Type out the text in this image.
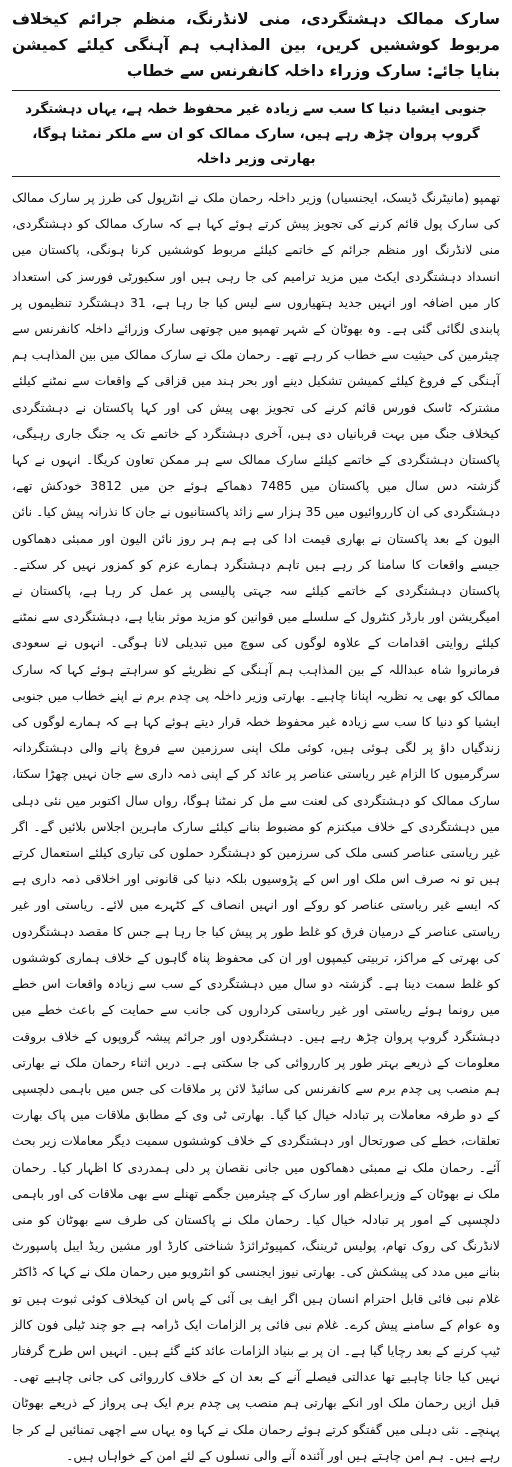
سارک ممالک دہشتگردی، منی لانڈرنگ، منظم جرائم کیخلاف مربوط کوششیں کریں، بین المذاہب ہم آہنگی کیلئے کمیشن بنایا جائے: سارک وزراء داخلہ کانفرنس سے خطاب
جنوبی ایشیا دنیا کا سب سے زیادہ غیر محفوظ خطہ ہے، یہاں دہشتگرد گروپ پروان چڑھ رہے ہیں، سارک ممالک کو ان سے ملکر نمٹنا ہوگا، بھارتی وزیر داخلہ

تھمپو (مانیٹرنگ ڈیسک، ایجنسیاں) وزیر داخلہ رحمان ملک نے انٹرپول کی طرز پر سارک ممالک کی سارک پول قائم کرنے کی تجویز پیش کرتے ہوئے کہا ہے کہ سارک ممالک کو دہشتگردی، منی لانڈرنگ اور منظم جرائم کے خاتمے کیلئے مربوط کوششیں کرنا ہونگی، پاکستان میں انسداد دہشتگردی ایکٹ میں مزید ترامیم کی جا رہی ہیں اور سکیورٹی فورسز کی استعداد کار میں اضافہ اور انہیں جدید ہتھیاروں سے لیس کیا جا رہا ہے، 31 دہشتگرد تنظیموں پر پابندی لگائی گئی ہے۔ وہ بھوٹان کے شہر تھمپو میں چوتھی سارک وزرائے داخلہ کانفرنس سے چیئرمین کی حیثیت سے خطاب کر رہے تھے۔ رحمان ملک نے سارک ممالک میں بین المذاہب ہم آہنگی کے فروغ کیلئے کمیشن تشکیل دینے اور بحر ہند میں قزاقی کے واقعات سے نمٹنے کیلئے مشترکہ ٹاسک فورس قائم کرنے کی تجویز بھی پیش کی اور کہا پاکستان نے دہشتگردی کیخلاف جنگ میں بہت قربانیاں دی ہیں، آخری دہشتگرد کے خاتمے تک یہ جنگ جاری رہیگی، پاکستان دہشتگردی کے خاتمے کیلئے سارک ممالک سے ہر ممکن تعاون کریگا۔ انہوں نے کہا گزشتہ دس سال میں پاکستان میں 7485 دھماکے ہوئے جن میں 3812 خودکش تھے، دہشتگردی کی ان کارروائیوں میں 35 ہزار سے زائد پاکستانیوں نے جان کا نذرانہ پیش کیا۔ نائن الیون کے بعد پاکستان نے بھاری قیمت ادا کی ہے ہم ہر روز نائن الیون اور ممبئی دھماکوں جیسے واقعات کا سامنا کر رہے ہیں تاہم دہشتگرد ہمارے عزم کو کمزور نہیں کر سکتے۔ پاکستان دہشتگردی کے خاتمے کیلئے سہ جہتی پالیسی پر عمل کر رہا ہے، پاکستان نے امیگریشن اور بارڈر کنٹرول کے سلسلے میں قوانین کو مزید موثر بنایا ہے، دہشتگردی سے نمٹنے کیلئے روایتی اقدامات کے علاوہ لوگوں کی سوچ میں تبدیلی لانا ہوگی۔ انہوں نے سعودی فرمانروا شاہ عبداللہ کے بین المذاہب ہم آہنگی کے نظریئے کو سراہتے ہوئے کہا کہ سارک ممالک کو بھی یہ نظریہ اپنانا چاہیے۔ بھارتی وزیر داخلہ پی چدم برم نے اپنے خطاب میں جنوبی ایشیا کو دنیا کا سب سے زیادہ غیر محفوظ خطہ قرار دیتے ہوئے کہا ہے کہ ہمارے لوگوں کی زندگیاں داؤ پر لگی ہوئی ہیں، کوئی ملک اپنی سرزمین سے فروغ پانے والی دہشتگردانہ سرگرمیوں کا الزام غیر ریاستی عناصر پر عائد کر کے اپنی ذمہ داری سے جان نہیں چھڑا سکتا، سارک ممالک کو دہشتگردی کی لعنت سے مل کر نمٹنا ہوگا، رواں سال اکتوبر میں نئی دہلی میں دہشتگردی کے خلاف میکنزم کو مضبوط بنانے کیلئے سارک ماہرین اجلاس بلائیں گے۔ اگر غیر ریاستی عناصر کسی ملک کی سرزمین کو دہشتگرد حملوں کی تیاری کیلئے استعمال کرتے ہیں تو نہ صرف اس ملک اور اس کے پڑوسیوں بلکہ دنیا کی قانونی اور اخلاقی ذمہ داری ہے کہ ایسے غیر ریاستی عناصر کو روکے اور انہیں انصاف کے کٹہرے میں لائے۔ ریاستی اور غیر ریاستی عناصر کے درمیان فرق کو غلط طور پر پیش کیا جا رہا ہے جس کا مقصد دہشتگردوں کی بھرتی کے مراکز، تربیتی کیمپوں اور ان کی محفوظ پناہ گاہوں کے خلاف ہماری کوششوں کو غلط سمت دینا ہے۔ گزشتہ دو سال میں دہشتگردی کے سب سے زیادہ واقعات اس خطے میں رونما ہوئے ریاستی اور غیر ریاستی کرداروں کی جانب سے حمایت کے باعث خطے میں دہشتگرد گروپ پروان چڑھ رہے ہیں۔ دہشتگردوں اور جرائم پیشہ گروپوں کے خلاف بروقت معلومات کے ذریعے بہتر طور پر کارروائی کی جا سکتی ہے۔ دریں اثناء رحمان ملک نے بھارتی ہم منصب پی چدم برم سے کانفرنس کی سائیڈ لائن پر ملاقات کی جس میں باہمی دلچسپی کے دو طرفہ معاملات پر تبادلہ خیال کیا گیا۔ بھارتی ٹی وی کے مطابق ملاقات میں پاک بھارت تعلقات، خطے کی صورتحال اور دہشتگردی کے خلاف کوششوں سمیت دیگر معاملات زیر بحث آئے۔ رحمان ملک نے ممبئی دھماکوں میں جانی نقصان پر دلی ہمدردی کا اظہار کیا۔ رحمان ملک نے بھوٹان کے وزیراعظم اور سارک کے چیئرمین جگمے تھنلے سے بھی ملاقات کی اور باہمی دلچسپی کے امور پر تبادلہ خیال کیا۔ رحمان ملک نے پاکستان کی طرف سے بھوٹان کو منی لانڈرنگ کی روک تھام، پولیس ٹریننگ، کمپیوٹرائزڈ شناختی کارڈ اور مشین ریڈ ایبل پاسپورٹ بنانے میں مدد کی پیشکش کی۔ بھارتی نیوز ایجنسی کو انٹرویو میں رحمان ملک نے کہا کہ ڈاکٹر غلام نبی فائی قابل احترام انسان ہیں اگر ایف بی آئی کے پاس ان کیخلاف کوئی ثبوت ہیں تو وہ عوام کے سامنے پیش کرے۔ غلام نبی فائی پر الزامات ایک ڈرامہ ہے جو چند ٹیلی فون کالز ٹیپ کرنے کے بعد رچایا گیا ہے۔ ان پر بے بنیاد الزامات عائد کئے گئے ہیں۔ انہیں اس طرح گرفتار نہیں کیا جانا چاہیے تھا عدالتی فیصلے آنے کے بعد ان کے خلاف کارروائی کی جانی چاہیے تھی۔ قبل ازیں رحمان ملک اور انکے بھارتی ہم منصب پی چدم برم ایک ہی پرواز کے ذریعے بھوٹان پہنچے۔ نئی دہلی میں گفتگو کرتے ہوئے رحمان ملک نے کہا وہ یہاں سے اچھی تمنائیں لے کر جا رہے ہیں۔ ہم امن چاہتے ہیں اور آئندہ آنے والی نسلوں کے لئے امن کے خواہاں ہیں۔
